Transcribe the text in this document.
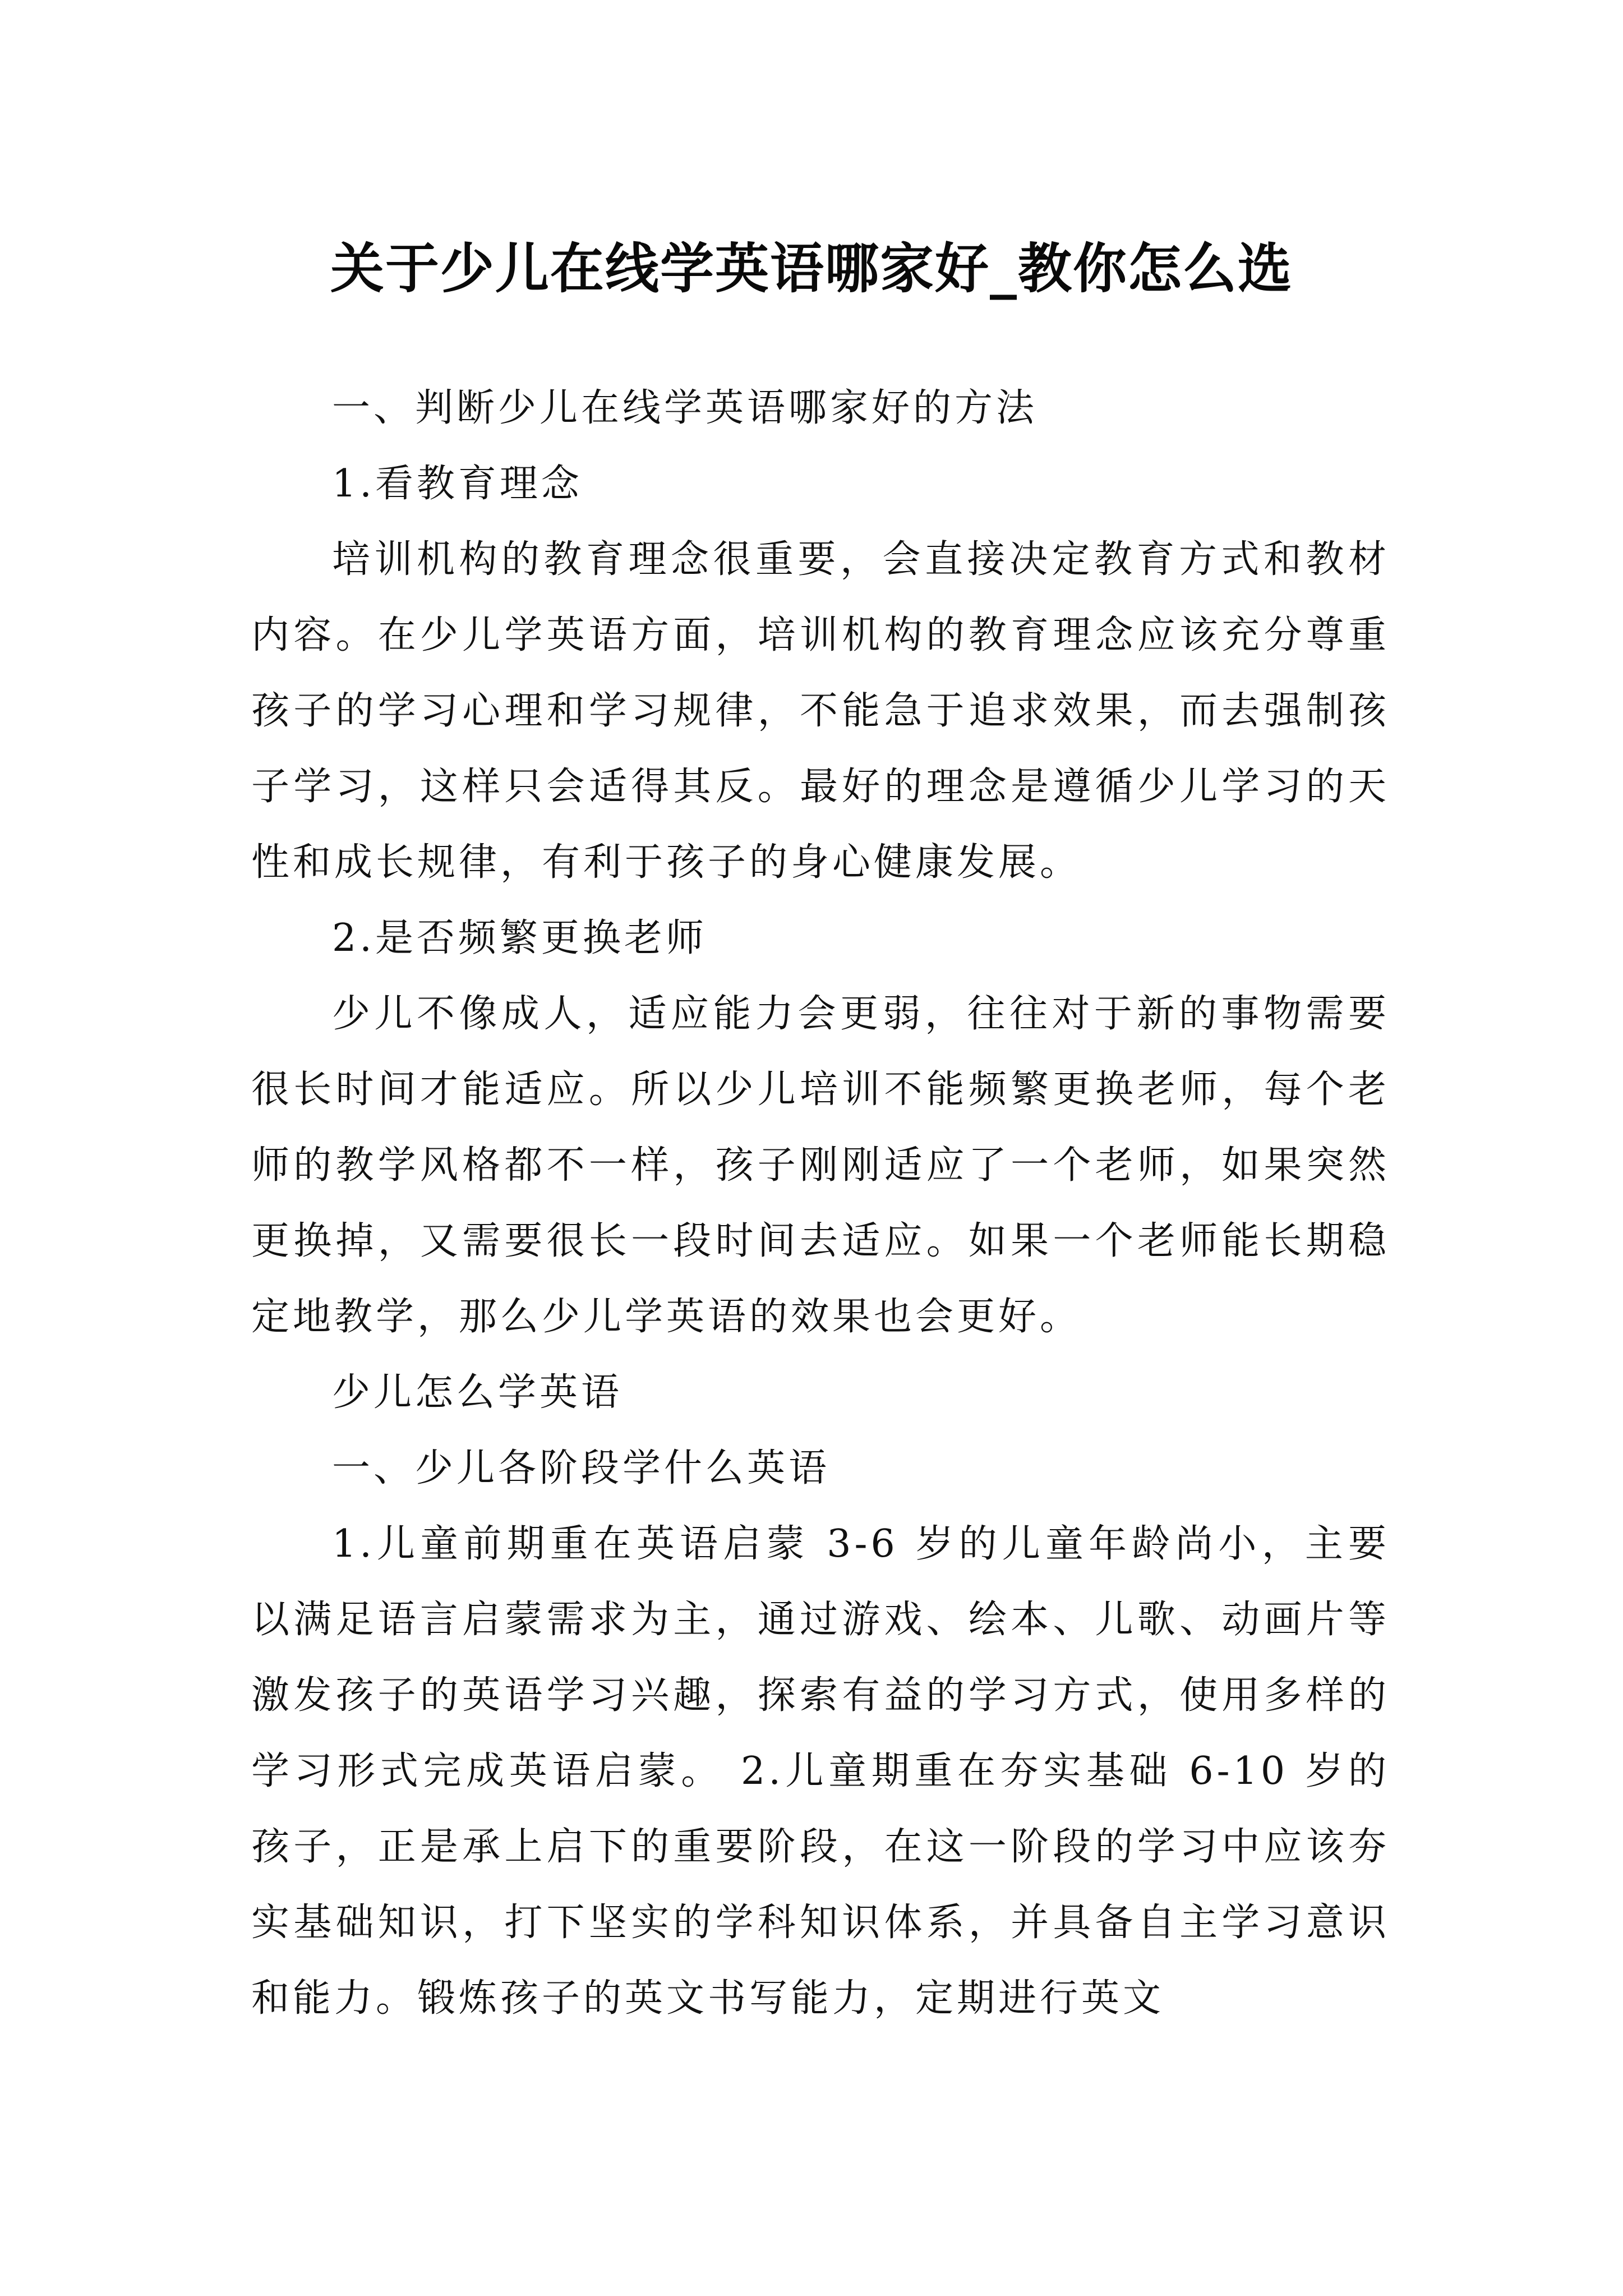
关于少儿在线学英语哪家好_教你怎么选

一、判断少儿在线学英语哪家好的方法

1.看教育理念

培训机构的教育理念很重要，会直接决定教育方式和教材内容。在少儿学英语方面，培训机构的教育理念应该充分尊重孩子的学习心理和学习规律，不能急于追求效果，而去强制孩子学习，这样只会适得其反。最好的理念是遵循少儿学习的天性和成长规律，有利于孩子的身心健康发展。

2.是否频繁更换老师

少儿不像成人，适应能力会更弱，往往对于新的事物需要很长时间才能适应。所以少儿培训不能频繁更换老师，每个老师的教学风格都不一样，孩子刚刚适应了一个老师，如果突然更换掉，又需要很长一段时间去适应。如果一个老师能长期稳定地教学，那么少儿学英语的效果也会更好。

少儿怎么学英语

一、少儿各阶段学什么英语

1.儿童前期重在英语启蒙 3-6 岁的儿童年龄尚小，主要以满足语言启蒙需求为主，通过游戏、绘本、儿歌、动画片等激发孩子的英语学习兴趣，探索有益的学习方式，使用多样的学习形式完成英语启蒙。 2.儿童期重在夯实基础 6-10 岁的孩子，正是承上启下的重要阶段，在这一阶段的学习中应该夯实基础知识，打下坚实的学科知识体系，并具备自主学习意识和能力。锻炼孩子的英文书写能力，定期进行英文
